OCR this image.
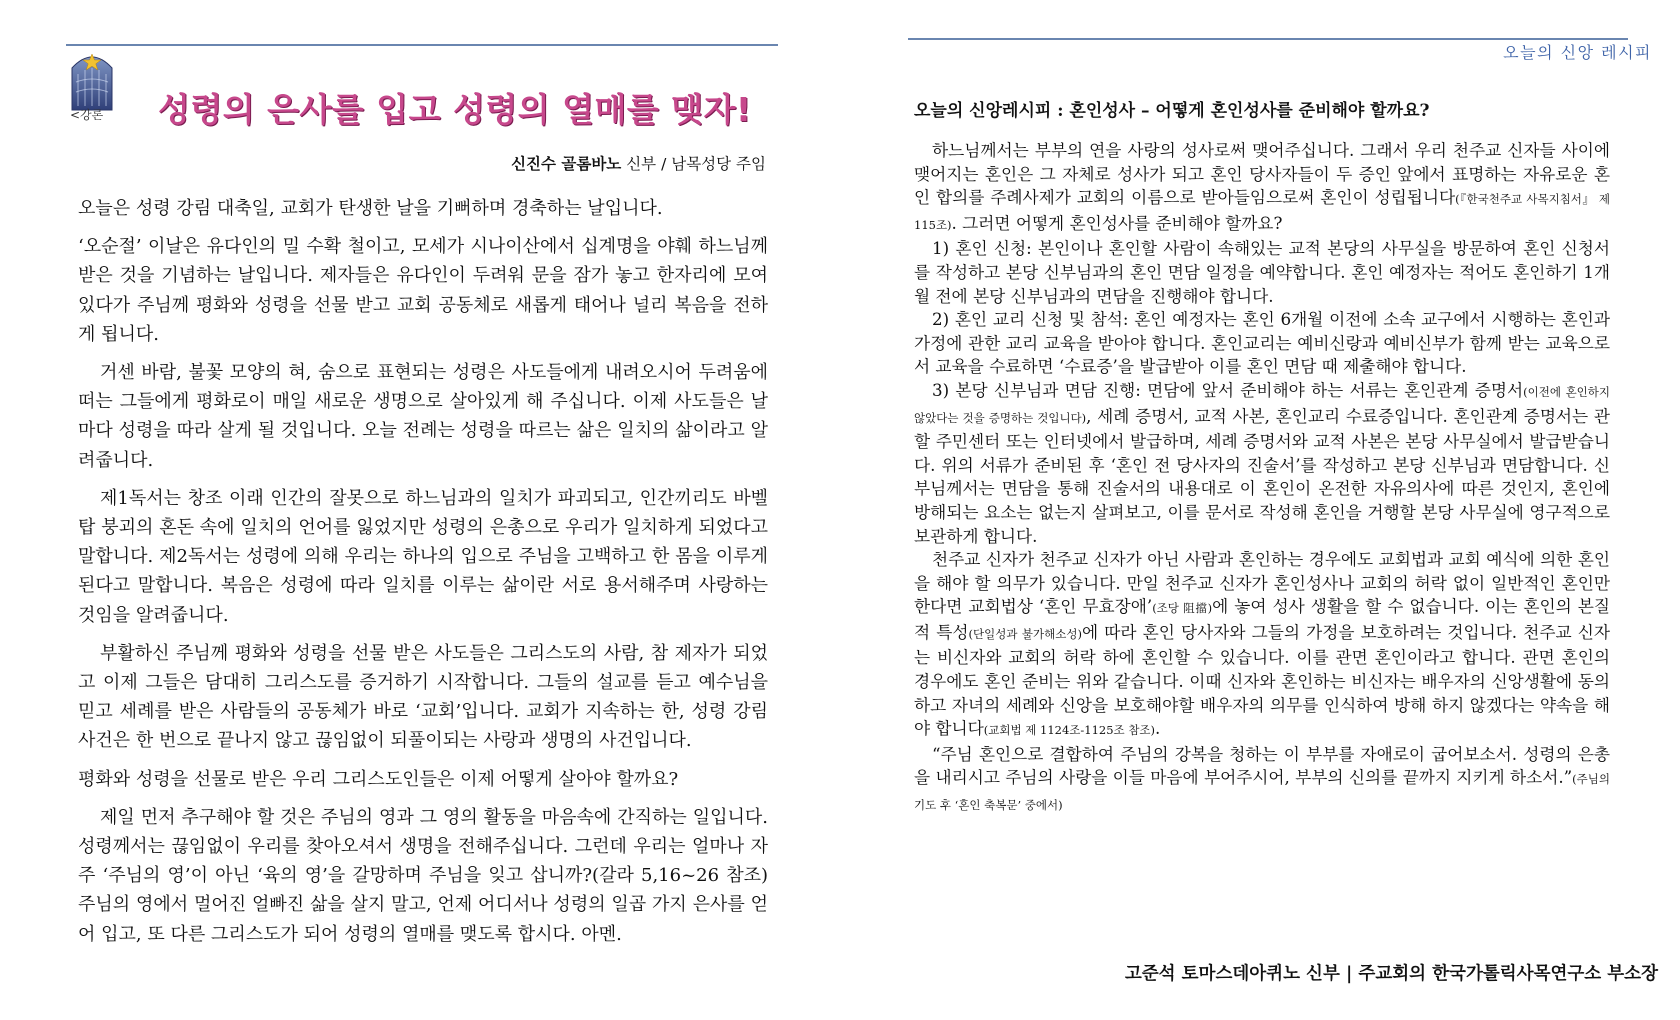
<강론 성령의 은사를 입고 성령의 열매를 맺자!
신진수 골롬바노 신부 / 남목성당 주임

오늘은 성령 강림 대축일, 교회가 탄생한 날을 기뻐하며 경축하는 날입니다.

‘오순절’ 이날은 유다인의 밀 수확 철이고, 모세가 시나이산에서 십계명을 야훼 하느님께 받은 것을 기념하는 날입니다. 제자들은 유다인이 두려워 문을 잠가 놓고 한자리에 모여 있다가 주님께 평화와 성령을 선물 받고 교회 공동체로 새롭게 태어나 널리 복음을 전하게 됩니다.

거센 바람, 불꽃 모양의 혀, 숨으로 표현되는 성령은 사도들에게 내려오시어 두려움에 떠는 그들에게 평화로이 매일 새로운 생명으로 살아있게 해 주십니다. 이제 사도들은 날마다 성령을 따라 살게 될 것입니다. 오늘 전례는 성령을 따르는 삶은 일치의 삶이라고 알려줍니다.

제1독서는 창조 이래 인간의 잘못으로 하느님과의 일치가 파괴되고, 인간끼리도 바벨탑 붕괴의 혼돈 속에 일치의 언어를 잃었지만 성령의 은총으로 우리가 일치하게 되었다고 말합니다. 제2독서는 성령에 의해 우리는 하나의 입으로 주님을 고백하고 한 몸을 이루게 된다고 말합니다. 복음은 성령에 따라 일치를 이루는 삶이란 서로 용서해주며 사랑하는 것임을 알려줍니다.

부활하신 주님께 평화와 성령을 선물 받은 사도들은 그리스도의 사람, 참 제자가 되었고 이제 그들은 담대히 그리스도를 증거하기 시작합니다. 그들의 설교를 듣고 예수님을 믿고 세례를 받은 사람들의 공동체가 바로 ‘교회’입니다. 교회가 지속하는 한, 성령 강림 사건은 한 번으로 끝나지 않고 끊임없이 되풀이되는 사랑과 생명의 사건입니다.

평화와 성령을 선물로 받은 우리 그리스도인들은 이제 어떻게 살아야 할까요?

제일 먼저 추구해야 할 것은 주님의 영과 그 영의 활동을 마음속에 간직하는 일입니다. 성령께서는 끊임없이 우리를 찾아오셔서 생명을 전해주십니다. 그런데 우리는 얼마나 자주 ‘주님의 영’이 아닌 ‘육의 영’을 갈망하며 주님을 잊고 삽니까?(갈라 5,16~26 참조) 주님의 영에서 멀어진 얼빠진 삶을 살지 말고, 언제 어디서나 성령의 일곱 가지 은사를 얻어 입고, 또 다른 그리스도가 되어 성령의 열매를 맺도록 합시다. 아멘.

오늘의 신앙 레시피
오늘의 신앙레시피 : 혼인성사 – 어떻게 혼인성사를 준비해야 할까요?

하느님께서는 부부의 연을 사랑의 성사로써 맺어주십니다. 그래서 우리 천주교 신자들 사이에 맺어지는 혼인은 그 자체로 성사가 되고 혼인 당사자들이 두 증인 앞에서 표명하는 자유로운 혼인 합의를 주례사제가 교회의 이름으로 받아들임으로써 혼인이 성립됩니다(『한국천주교 사목지침서』 제115조). 그러면 어떻게 혼인성사를 준비해야 할까요?

1) 혼인 신청: 본인이나 혼인할 사람이 속해있는 교적 본당의 사무실을 방문하여 혼인 신청서를 작성하고 본당 신부님과의 혼인 면담 일정을 예약합니다. 혼인 예정자는 적어도 혼인하기 1개월 전에 본당 신부님과의 면담을 진행해야 합니다.

2) 혼인 교리 신청 및 참석: 혼인 예정자는 혼인 6개월 이전에 소속 교구에서 시행하는 혼인과 가정에 관한 교리 교육을 받아야 합니다. 혼인교리는 예비신랑과 예비신부가 함께 받는 교육으로서 교육을 수료하면 ‘수료증’을 발급받아 이를 혼인 면담 때 제출해야 합니다.

3) 본당 신부님과 면담 진행: 면담에 앞서 준비해야 하는 서류는 혼인관계 증명서(이전에 혼인하지 않았다는 것을 증명하는 것입니다), 세례 증명서, 교적 사본, 혼인교리 수료증입니다. 혼인관계 증명서는 관할 주민센터 또는 인터넷에서 발급하며, 세례 증명서와 교적 사본은 본당 사무실에서 발급받습니다. 위의 서류가 준비된 후 ‘혼인 전 당사자의 진술서’를 작성하고 본당 신부님과 면담합니다. 신부님께서는 면담을 통해 진술서의 내용대로 이 혼인이 온전한 자유의사에 따른 것인지, 혼인에 방해되는 요소는 없는지 살펴보고, 이를 문서로 작성해 혼인을 거행할 본당 사무실에 영구적으로 보관하게 합니다.

천주교 신자가 천주교 신자가 아닌 사람과 혼인하는 경우에도 교회법과 교회 예식에 의한 혼인을 해야 할 의무가 있습니다. 만일 천주교 신자가 혼인성사나 교회의 허락 없이 일반적인 혼인만 한다면 교회법상 ‘혼인 무효장애’(조당 阻擋)에 놓여 성사 생활을 할 수 없습니다. 이는 혼인의 본질적 특성(단일성과 불가해소성)에 따라 혼인 당사자와 그들의 가정을 보호하려는 것입니다. 천주교 신자는 비신자와 교회의 허락 하에 혼인할 수 있습니다. 이를 관면 혼인이라고 합니다. 관면 혼인의 경우에도 혼인 준비는 위와 같습니다. 이때 신자와 혼인하는 비신자는 배우자의 신앙생활에 동의하고 자녀의 세례와 신앙을 보호해야할 배우자의 의무를 인식하여 방해 하지 않겠다는 약속을 해야 합니다(교회법 제 1124조-1125조 참조).

“주님 혼인으로 결합하여 주님의 강복을 청하는 이 부부를 자애로이 굽어보소서. 성령의 은총을 내리시고 주님의 사랑을 이들 마음에 부어주시어, 부부의 신의를 끝까지 지키게 하소서.”(주님의 기도 후 ‘혼인 축복문’ 중에서)

고준석 토마스데아퀴노 신부 | 주교회의 한국가톨릭사목연구소 부소장
